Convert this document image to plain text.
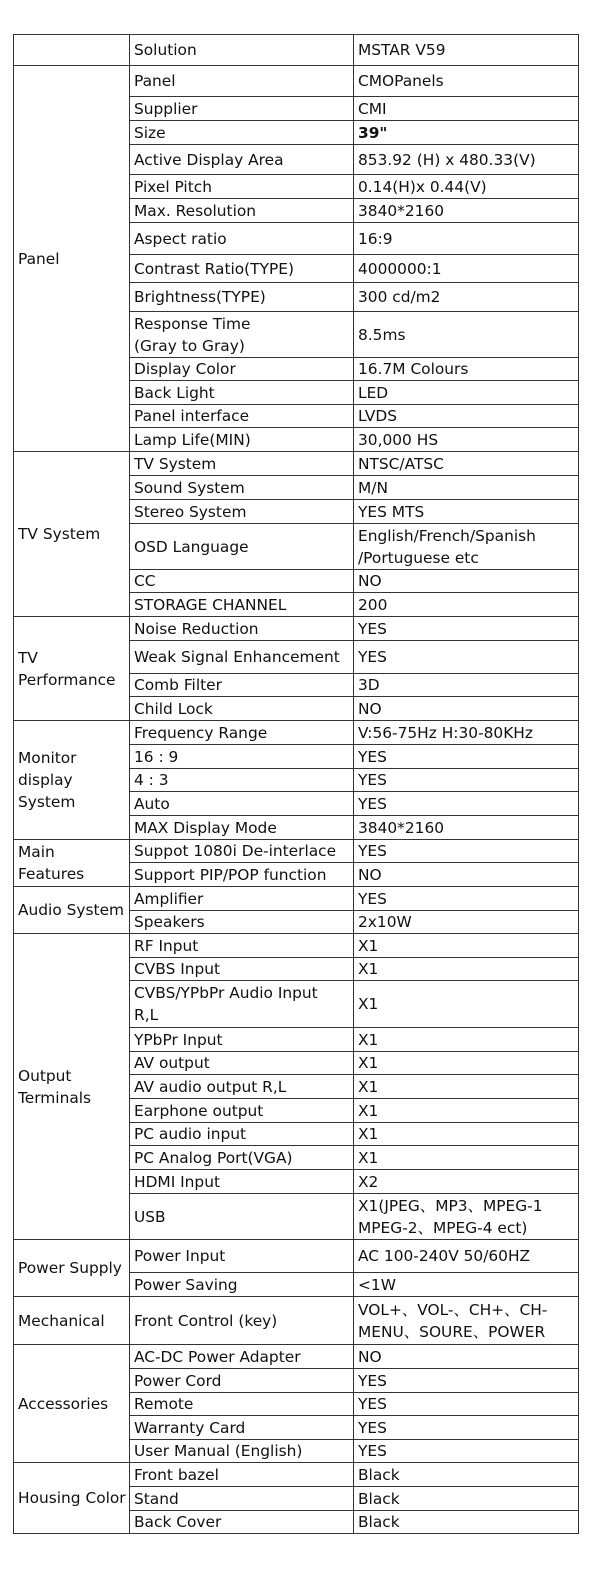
	Solution	MSTAR V59

Panel	Panel	CMOPanels

	Supplier	CMI

	Size	39"

	Active Display Area	853.92 (H) x 480.33(V)

	Pixel Pitch	0.14(H)x 0.44(V)

	Max. Resolution	3840*2160

	Aspect ratio	16:9

	Contrast Ratio(TYPE)	4000000:1

	Brightness(TYPE)	300 cd/m2

	Response Time
(Gray to Gray)	8.5ms

	Display Color	16.7M Colours

	Back Light	LED

	Panel interface	LVDS

	Lamp Life(MIN)	30,000 HS

TV System	TV System	NTSC/ATSC

	Sound System	M/N

	Stereo System	YES MTS

	OSD Language	English/French/Spanish
/Portuguese etc

	CC	NO

	STORAGE CHANNEL	200

TV
Performance	Noise Reduction	YES

	Weak Signal Enhancement	YES

	Comb Filter	3D

	Child Lock	NO

Monitor
display
System	Frequency Range	V:56-75Hz H:30-80KHz

	16 : 9	YES

	4 : 3	YES

	Auto	YES

	MAX Display Mode	3840*2160

Main
Features	Suppot 1080i De-interlace	YES

	Support PIP/POP function	NO

Audio System	Amplifier	YES

	Speakers	2x10W

Output
Terminals	RF Input	X1

	CVBS Input	X1

	CVBS/YPbPr Audio Input
R,L	X1

	YPbPr Input	X1

	AV output	X1

	AV audio output R,L	X1

	Earphone output	X1

	PC audio input	X1

	PC Analog Port(VGA)	X1

	HDMI Input	X2

	USB	X1(JPEG、MP3、MPEG-1
MPEG-2、MPEG-4 ect)

Power Supply	Power Input	AC 100-240V 50/60HZ

	Power Saving	<1W

Mechanical	Front Control (key)	VOL+、VOL-、CH+、CH-
MENU、SOURE、POWER

Accessories	AC-DC Power Adapter	NO

	Power Cord	YES

	Remote	YES

	Warranty Card	YES

	User Manual (English)	YES

Housing Color	Front bazel	Black

	Stand	Black

	Back Cover	Black
